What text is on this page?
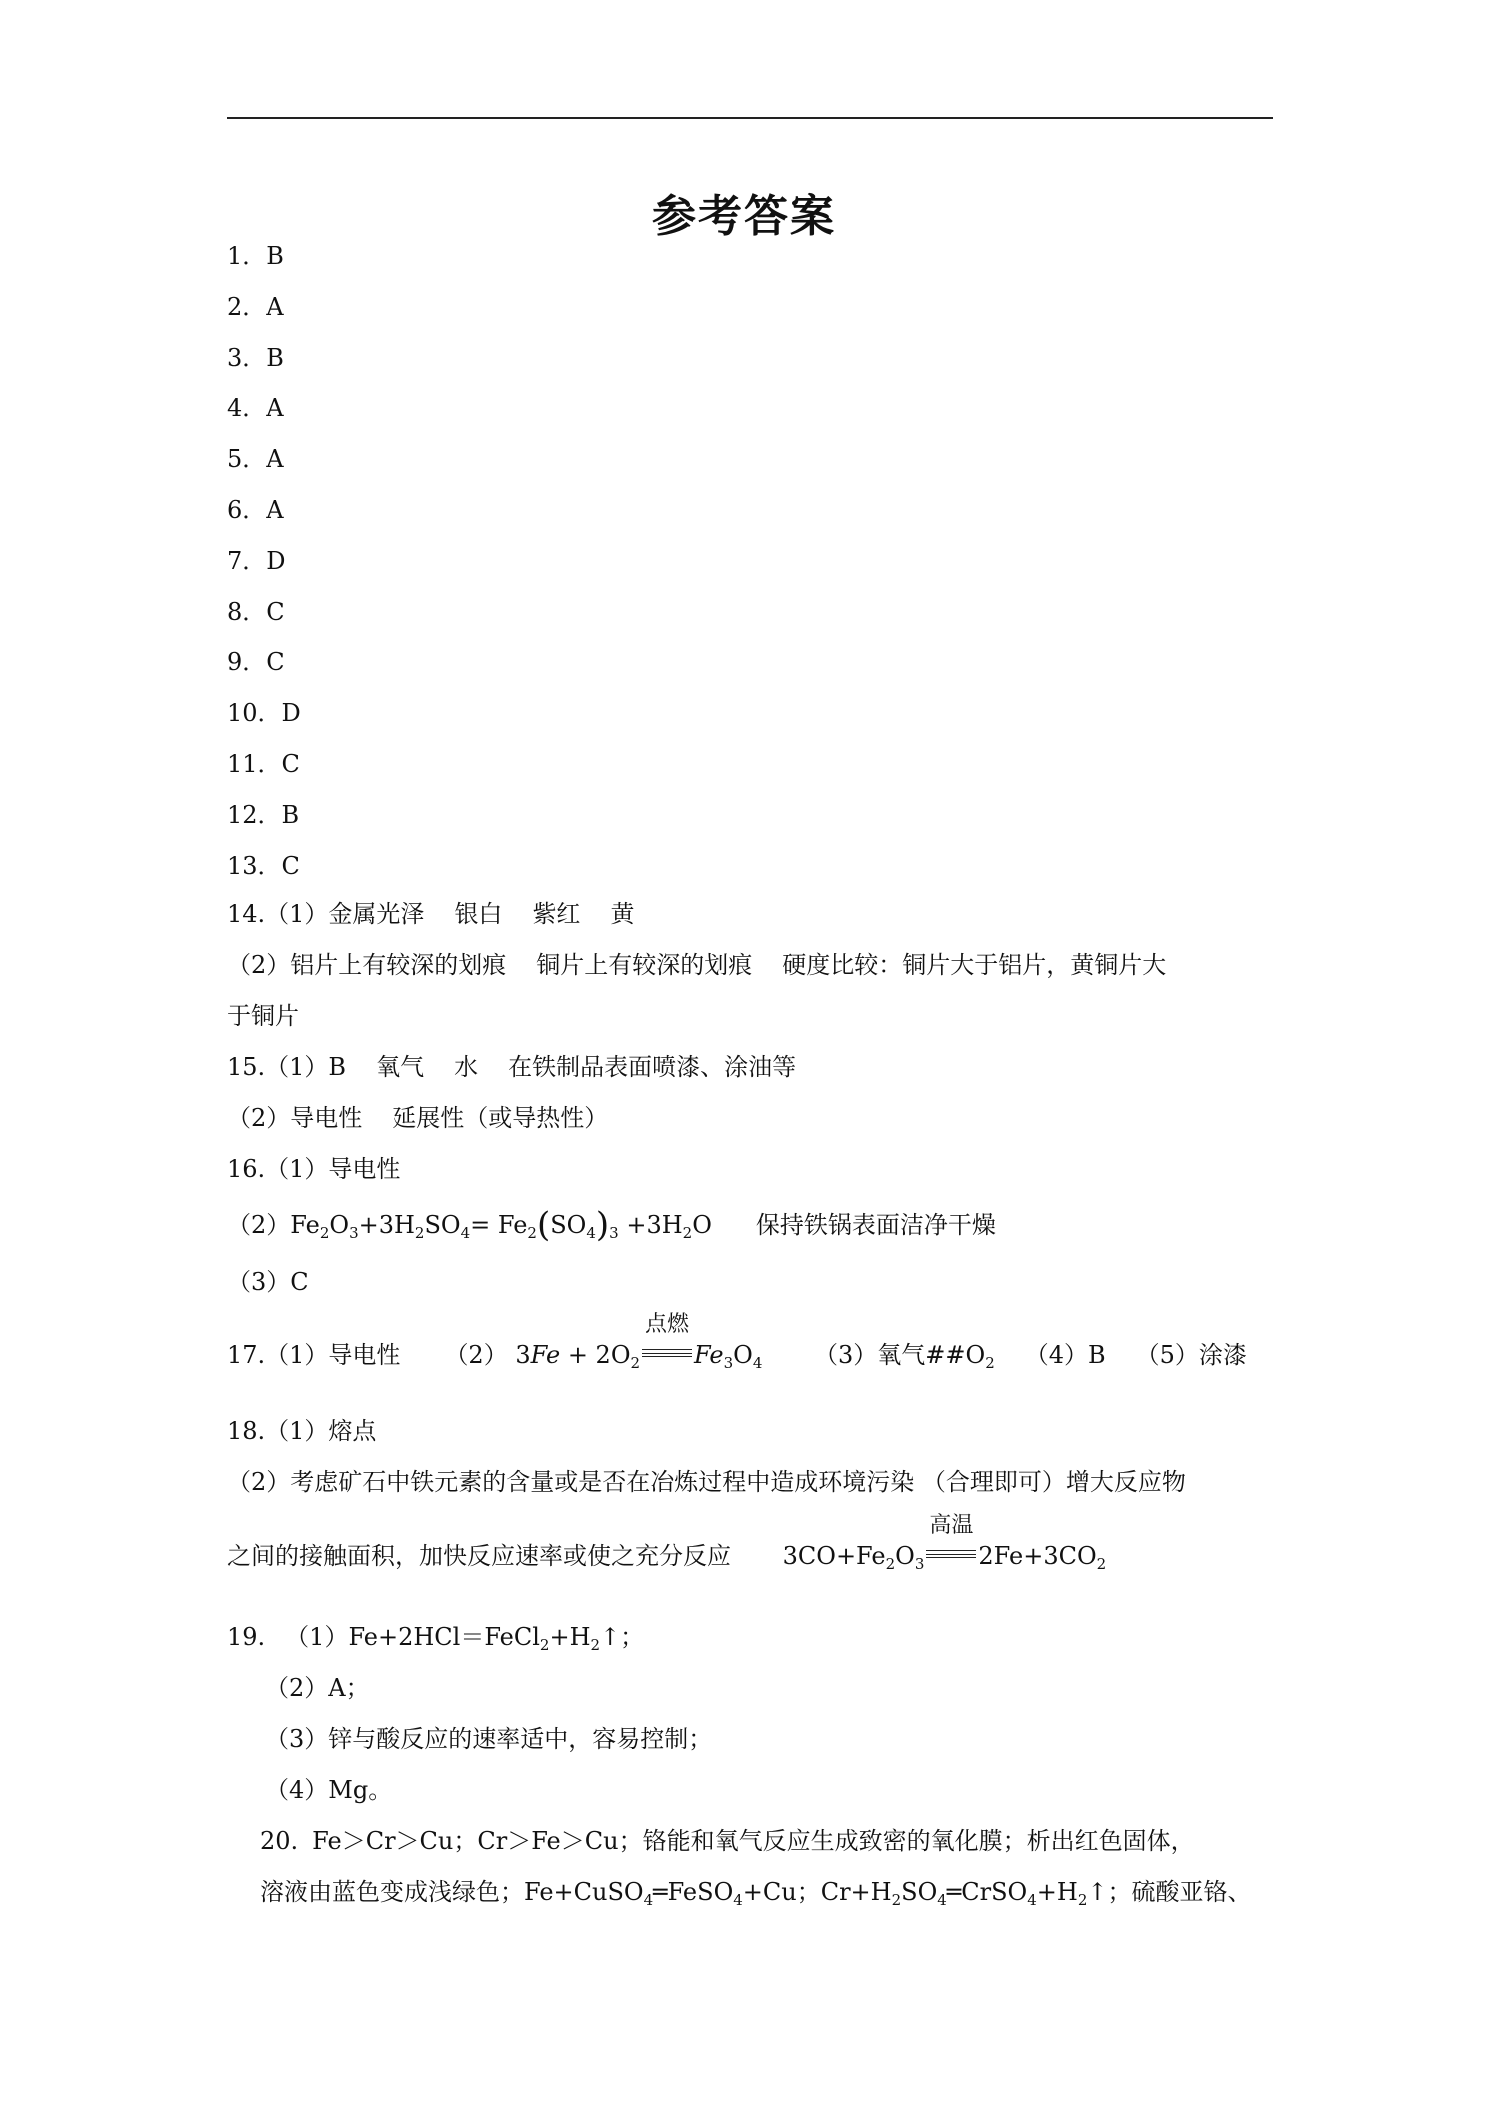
参考答案
1．B
2．A
3．B
4．A
5．A
6．A
7．D
8．C
9．C
10．D
11．C
12．B
13．C
14.（1）金属光泽 银白 紫红 黄
（2）铝片上有较深的划痕 铜片上有较深的划痕 硬度比较：铜片大于铝片，黄铜片大
于铜片
15.（1）B 氧气 水 在铁制品表面喷漆、涂油等
（2）导电性 延展性（或导热性）
16.（1）导电性
$(2)Fe_2O_3+3H_2SO_4= Fe_2(SO_4)_3 +3H_2O$ 保持铁锅表面洁净干燥
（3）C
17.（1）导电性 （2） $3Fe + 2O_2$
点燃
$Fe_3O_4$ （3）氧气$\#\#O_2$ （4）B （5）涂漆
18.（1）熔点
（2）考虑矿石中铁元素的含量或是否在冶炼过程中造成环境污染 （合理即可）增大反应物
之间的接触面积，加快反应速率或使之充分反应 $3CO+Fe_2O_3$
高温
$2Fe+3CO_2$
19. $(1)Fe+2HCl=FeCl_2+H_2↑$；
（2）A；
（3）锌与酸反应的速率适中，容易控制；
（4）Mg。
20. Fe＞Cr＞Cu；Cr＞Fe＞Cu；铬能和氧气反应生成致密的氧化膜；析出红色固体，
溶液由蓝色变成浅绿色；Fe+CuSO$_4$═FeSO$_4$+Cu；$Cr+H_2SO_4═CrSO_4+H_2↑$；硫酸亚铬、
